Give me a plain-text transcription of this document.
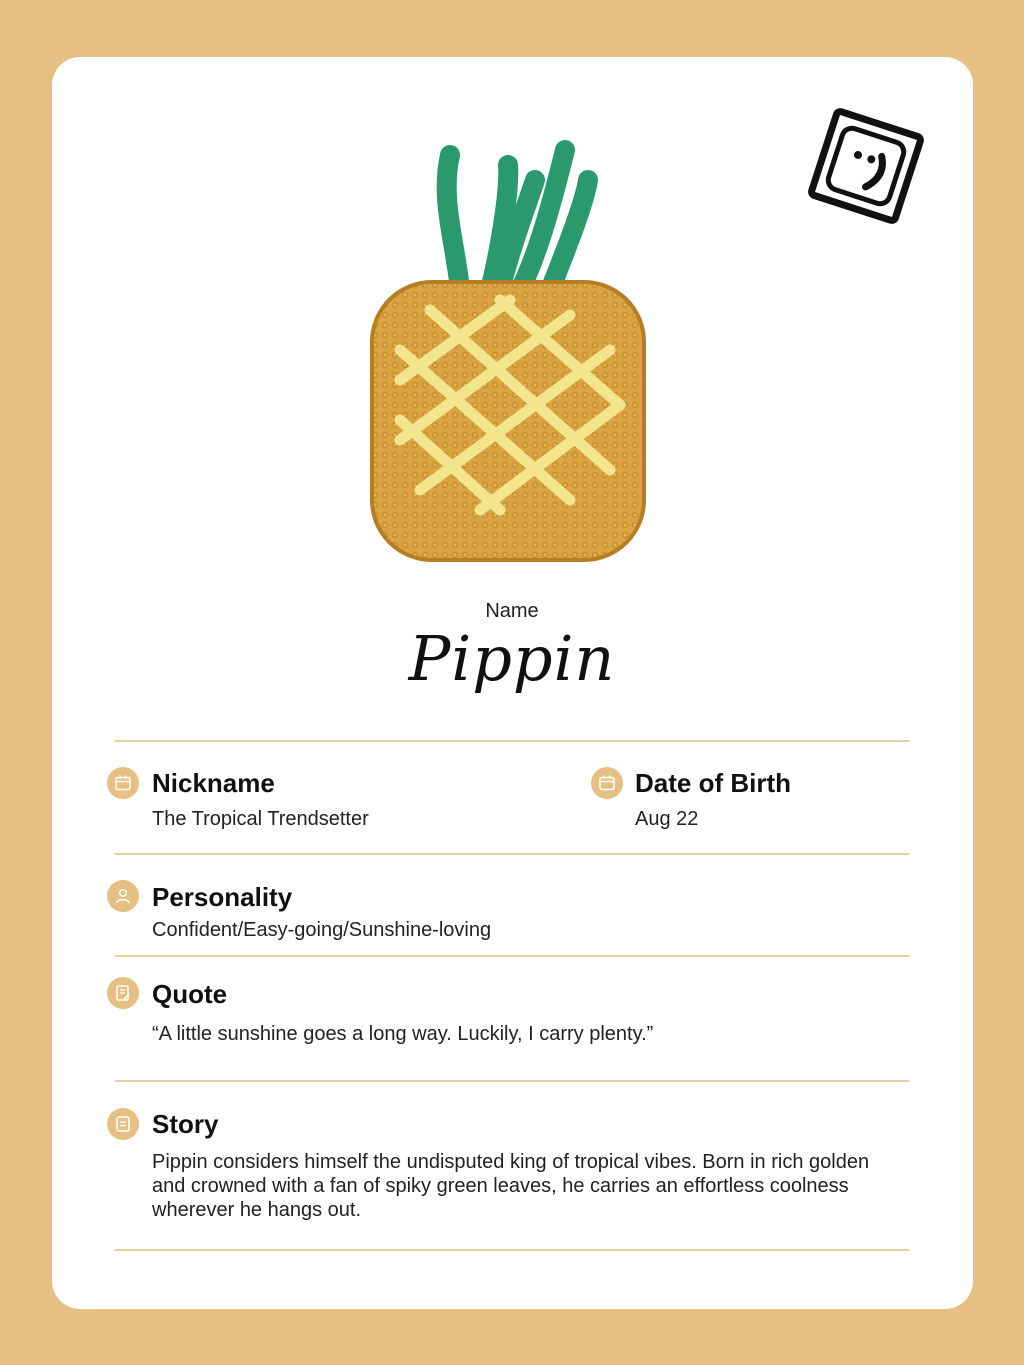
Name
Pippin
Nickname
The Tropical Trendsetter
Date of Birth
Aug 22
Personality
Confident/Easy-going/Sunshine-loving
Quote
“A little sunshine goes a long way. Luckily, I carry plenty.”
Story
Pippin considers himself the undisputed king of tropical vibes. Born in rich golden and crowned with a fan of spiky green leaves, he carries an effortless coolness wherever he hangs out.
